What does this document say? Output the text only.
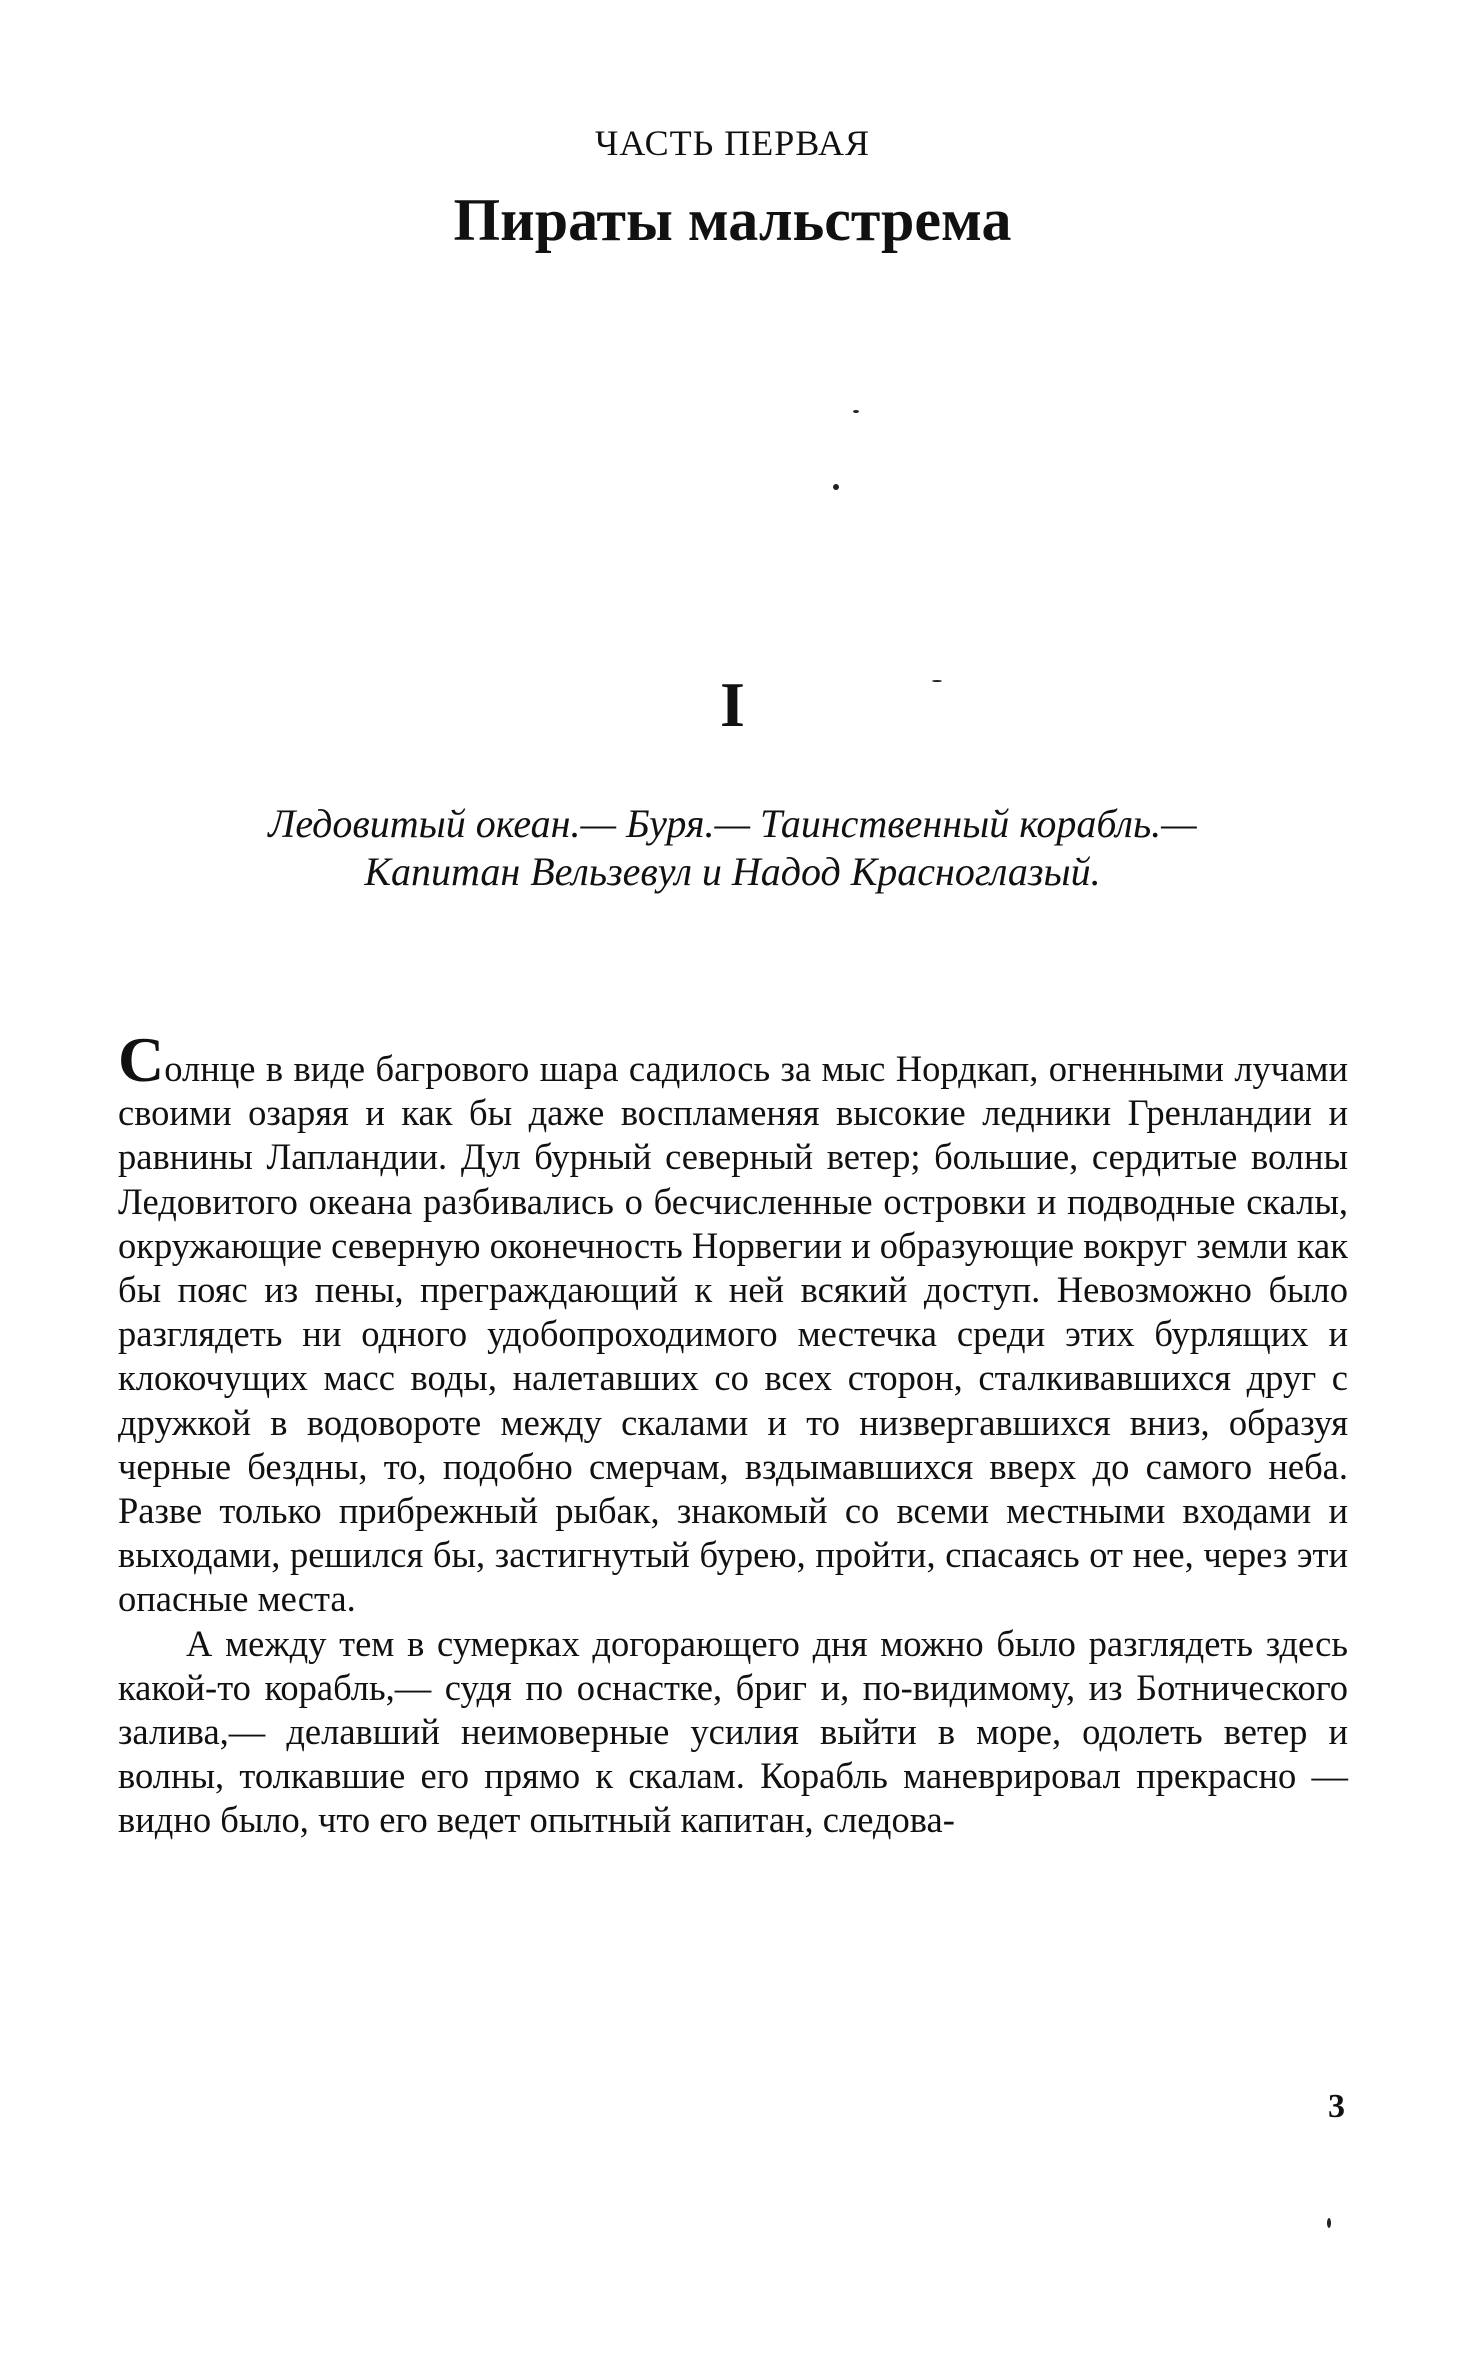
ЧАСТЬ ПЕРВАЯ
Пираты мальстрема
I
Ледовитый океан.— Буря.— Таинственный корабль.— Капитан Вельзевул и Надод Красноглазый.

Солнце в виде багрового шара садилось за мыс Нордкап, огненными лучами своими озаряя и как бы даже воспламеняя высокие ледники Гренландии и равнины Лапландии. Дул бурный северный ветер; большие, сердитые волны Ледовитого океана разбивались о бесчисленные островки и подводные скалы, окружающие северную оконечность Норвегии и образующие вокруг земли как бы пояс из пены, преграждающий к ней всякий доступ. Невозможно было разглядеть ни одного удобопроходимого местечка среди этих бурлящих и клокочущих масс воды, налетавших со всех сторон, сталкивавшихся друг с дружкой в водовороте между скалами и то низвергавшихся вниз, образуя черные бездны, то, подобно смерчам, вздымавшихся вверх до самого неба. Разве только прибрежный рыбак, знакомый со всеми местными входами и выходами, решился бы, застигнутый бурею, пройти, спасаясь от нее, через эти опасные места.

А между тем в сумерках догорающего дня можно было разглядеть здесь какой-то корабль,— судя по оснастке, бриг и, по-видимому, из Ботнического залива,— делавший неимоверные усилия выйти в море, одолеть ветер и волны, толкавшие его прямо к скалам. Корабль маневрировал прекрасно — видно было, что его ведет опытный капитан, следова-

3
